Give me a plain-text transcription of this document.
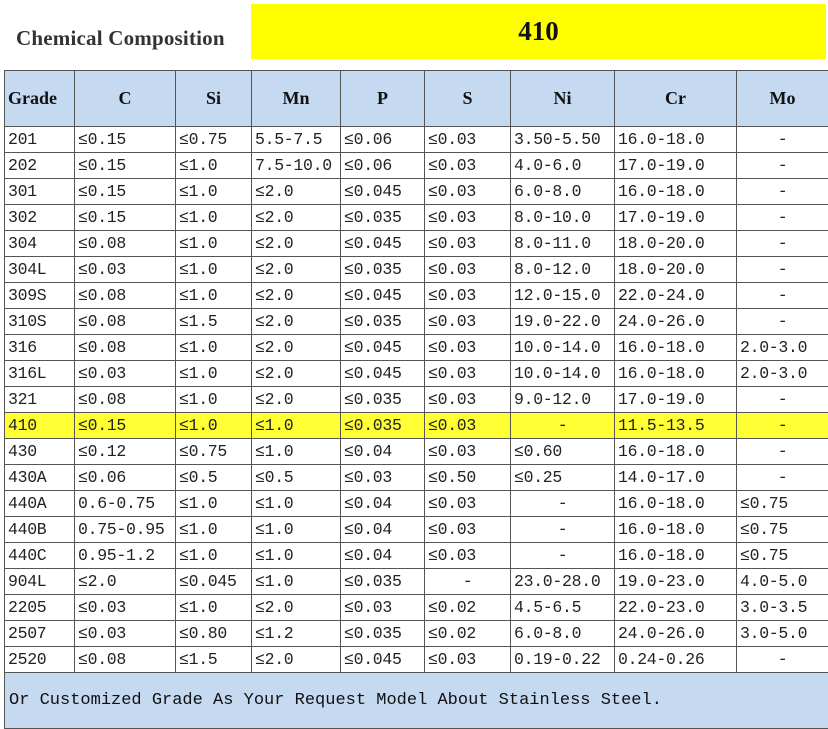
Chemical Composition	410
Grade	C	Si	Mn	P	S	Ni	Cr	Mo
201	≤0.15	≤0.75	5.5-7.5	≤0.06	≤0.03	3.50-5.50	16.0-18.0	-
202	≤0.15	≤1.0	7.5-10.0	≤0.06	≤0.03	4.0-6.0	17.0-19.0	-
301	≤0.15	≤1.0	≤2.0	≤0.045	≤0.03	6.0-8.0	16.0-18.0	-
302	≤0.15	≤1.0	≤2.0	≤0.035	≤0.03	8.0-10.0	17.0-19.0	-
304	≤0.08	≤1.0	≤2.0	≤0.045	≤0.03	8.0-11.0	18.0-20.0	-
304L	≤0.03	≤1.0	≤2.0	≤0.035	≤0.03	8.0-12.0	18.0-20.0	-
309S	≤0.08	≤1.0	≤2.0	≤0.045	≤0.03	12.0-15.0	22.0-24.0	-
310S	≤0.08	≤1.5	≤2.0	≤0.035	≤0.03	19.0-22.0	24.0-26.0	-
316	≤0.08	≤1.0	≤2.0	≤0.045	≤0.03	10.0-14.0	16.0-18.0	2.0-3.0
316L	≤0.03	≤1.0	≤2.0	≤0.045	≤0.03	10.0-14.0	16.0-18.0	2.0-3.0
321	≤0.08	≤1.0	≤2.0	≤0.035	≤0.03	9.0-12.0	17.0-19.0	-
410	≤0.15	≤1.0	≤1.0	≤0.035	≤0.03	-	11.5-13.5	-
430	≤0.12	≤0.75	≤1.0	≤0.04	≤0.03	≤0.60	16.0-18.0	-
430A	≤0.06	≤0.5	≤0.5	≤0.03	≤0.50	≤0.25	14.0-17.0	-
440A	0.6-0.75	≤1.0	≤1.0	≤0.04	≤0.03	-	16.0-18.0	≤0.75
440B	0.75-0.95	≤1.0	≤1.0	≤0.04	≤0.03	-	16.0-18.0	≤0.75
440C	0.95-1.2	≤1.0	≤1.0	≤0.04	≤0.03	-	16.0-18.0	≤0.75
904L	≤2.0	≤0.045	≤1.0	≤0.035	-	23.0-28.0	19.0-23.0	4.0-5.0
2205	≤0.03	≤1.0	≤2.0	≤0.03	≤0.02	4.5-6.5	22.0-23.0	3.0-3.5
2507	≤0.03	≤0.80	≤1.2	≤0.035	≤0.02	6.0-8.0	24.0-26.0	3.0-5.0
2520	≤0.08	≤1.5	≤2.0	≤0.045	≤0.03	0.19-0.22	0.24-0.26	-
Or Customized Grade As Your Request Model About Stainless Steel.								
